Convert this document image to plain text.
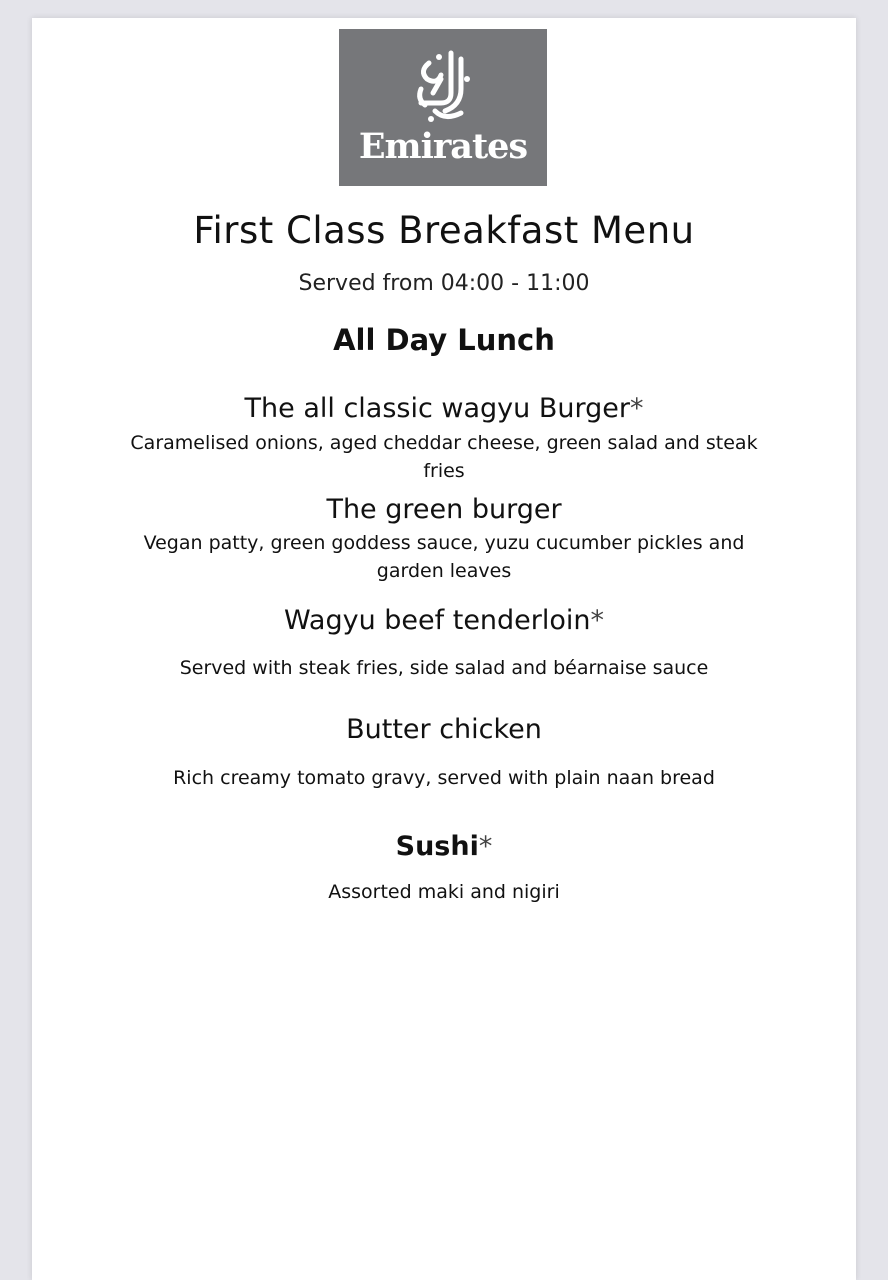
Emirates
First Class Breakfast Menu
Served from 04:00 - 11:00
All Day Lunch
The all classic wagyu Burger*
Caramelised onions, aged cheddar cheese, green salad and steak
fries
The green burger
Vegan patty, green goddess sauce, yuzu cucumber pickles and
garden leaves
Wagyu beef tenderloin*
Served with steak fries, side salad and béarnaise sauce
Butter chicken
Rich creamy tomato gravy, served with plain naan bread
Sushi*
Assorted maki and nigiri
